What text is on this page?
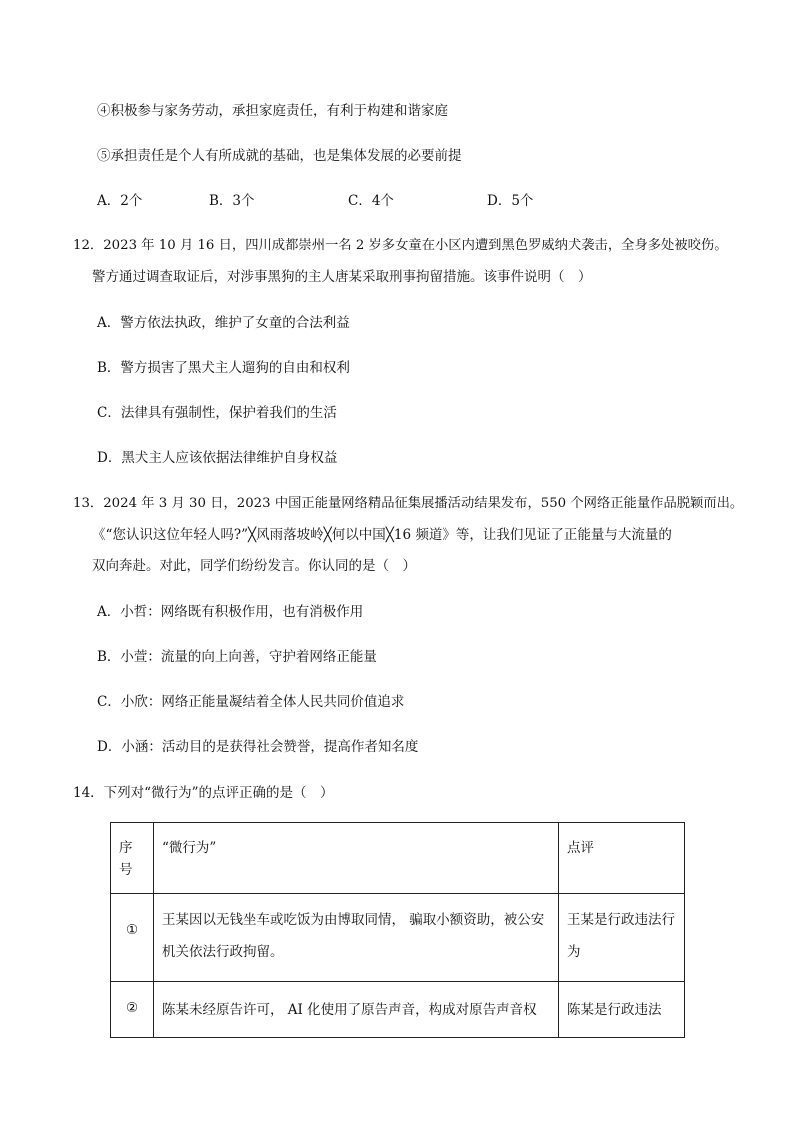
④积极参与家务劳动，承担家庭责任，有利于构建和谐家庭
⑤承担责任是个人有所成就的基础，也是集体发展的必要前提
A．2个	B．3个	C．4个	D．5个
12．2023 年 10 月 16 日，四川成都崇州一名 2 岁多女童在小区内遭到黑色罗威纳犬袭击，全身多处被咬伤。
警方通过调查取证后，对涉事黑狗的主人唐某采取刑事拘留措施。该事件说明（　）
A．警方依法执政，维护了女童的合法利益
B．警方损害了黑犬主人遛狗的自由和权利
C．法律具有强制性，保护着我们的生活
D．黑犬主人应该依据法律维护自身权益
13．2024 年 3 月 30 日，2023 中国正能量网络精品征集展播活动结果发布，550 个网络正能量作品脱颖而出。
《“您认识这位年轻人吗?”╳风雨落坡岭╳何以中国╳16 频道》等，让我们见证了正能量与大流量的
双向奔赴。对此，同学们纷纷发言。你认同的是（　）
A．小哲：网络既有积极作用，也有消极作用
B．小萱：流量的向上向善，守护着网络正能量
C．小欣：网络正能量凝结着全体人民共同价值追求
D．小涵：活动目的是获得社会赞誉，提高作者知名度
14．下列对“微行为”的点评正确的是（　）
序号	“微行为”	点评

①	王某因以无钱坐车或吃饭为由博取同情， 骗取小额资助，被公安机关依法行政拘留。	王某是行政违法行为

②	陈某未经原告许可， AI 化使用了原告声音，构成对原告声音权	陈某是行政违法
